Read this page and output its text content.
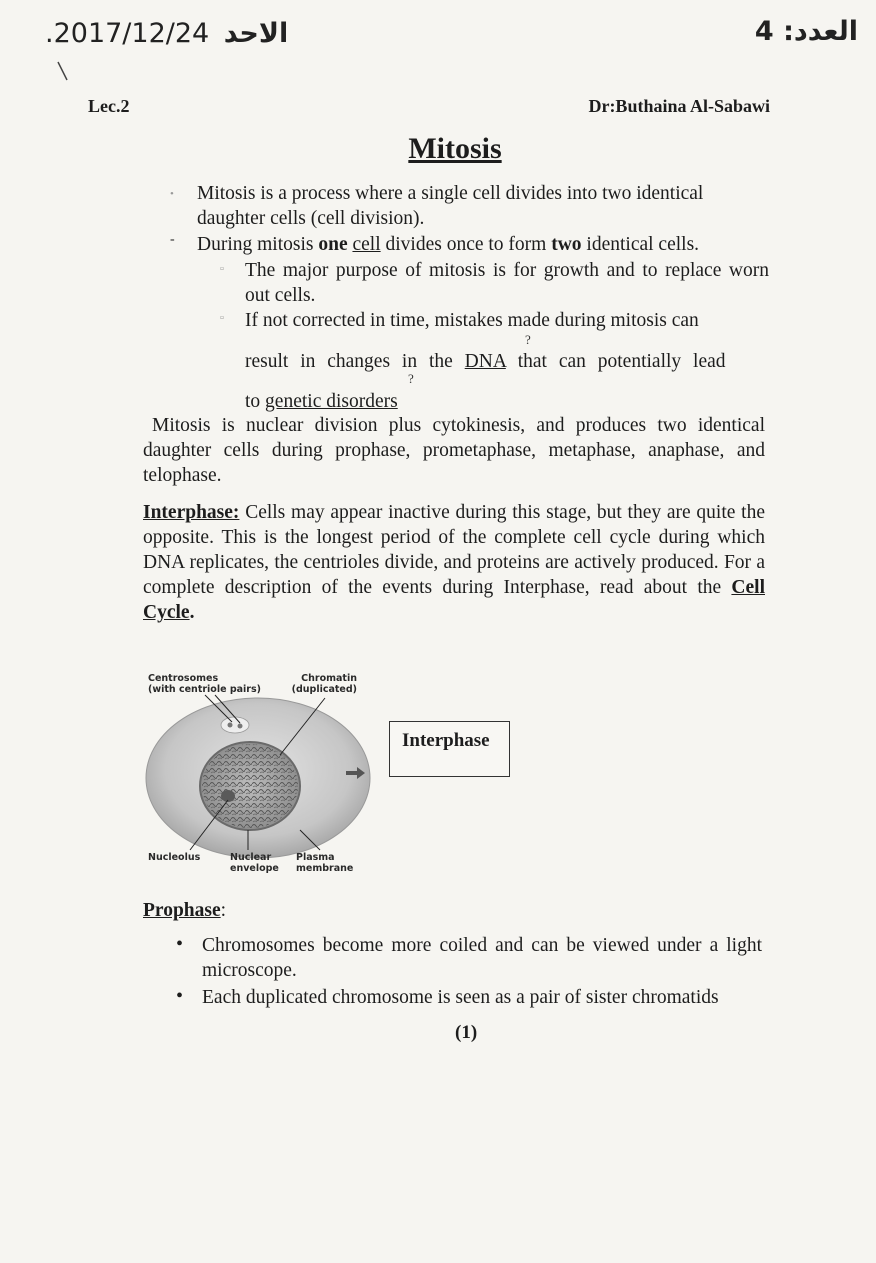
.2017/12/24 الاحد	العدد: 4
Lec.2	Dr:Buthaina Al-Sabawi
Mitosis
• Mitosis is a process where a single cell divides into two identical daughter cells (cell division).
- During mitosis one cell divides once to form two identical cells.
▫ The major purpose of mitosis is for growth and to replace worn out cells.
▫ If not corrected in time, mistakes made during mitosis can
?
result in changes in the DNA that can potentially lead
?
to genetic disorders
Mitosis is nuclear division plus cytokinesis, and produces two identical daughter cells during prophase, prometaphase, metaphase, anaphase, and telophase.
Interphase: Cells may appear inactive during this stage, but they are quite the opposite. This is the longest period of the complete cell cycle during which DNA replicates, the centrioles divide, and proteins are actively produced. For a complete description of the events during Interphase, read about the Cell Cycle.
Centrosomes
(with centriole pairs)
Chromatin
(duplicated)
Nucleolus	Nuclear
envelope
Plasma
membrane
Interphase
Prophase:
• Chromosomes become more coiled and can be viewed under a light microscope.
• Each duplicated chromosome is seen as a pair of sister chromatids
(1)
